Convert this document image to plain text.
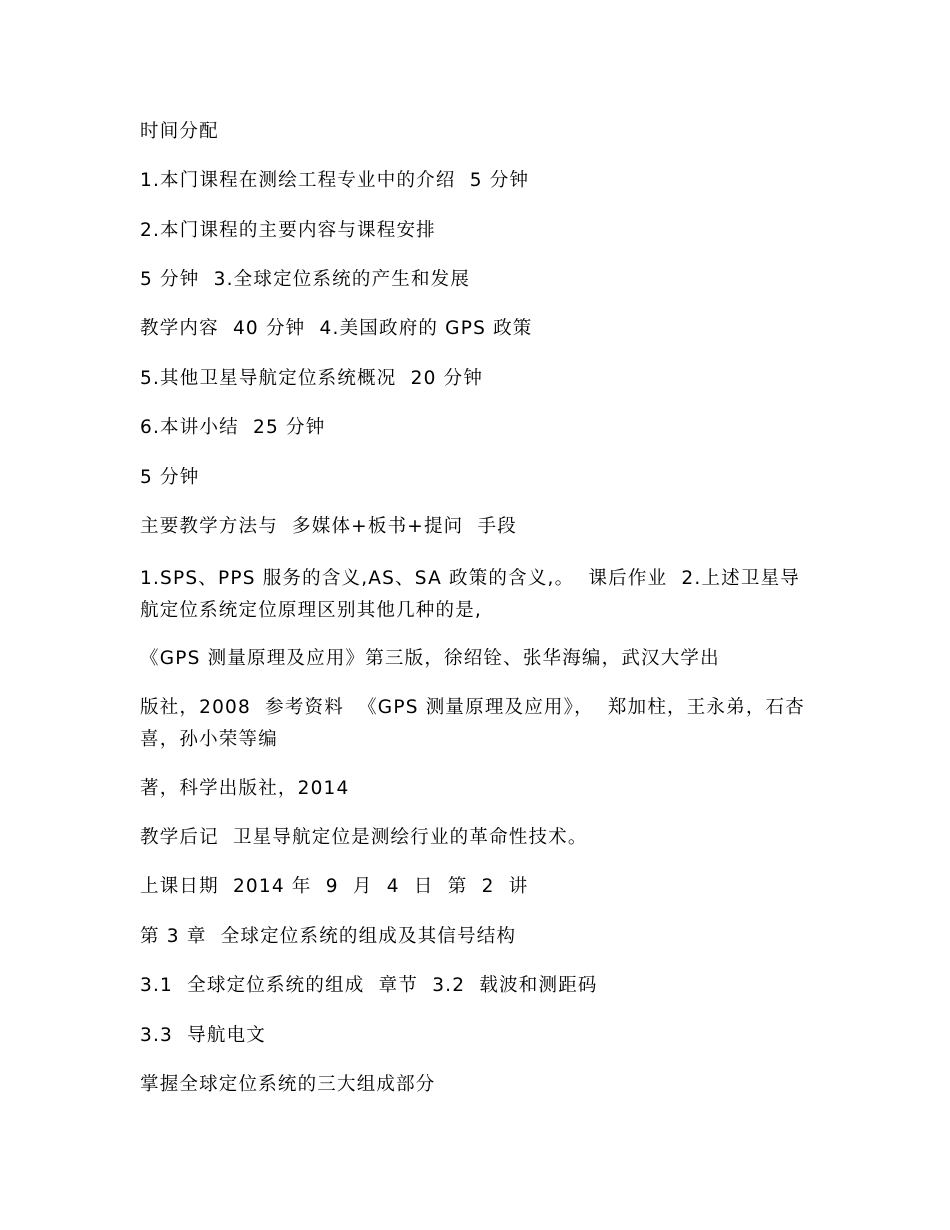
时间分配

1.本门课程在测绘工程专业中的介绍  5 分钟

2.本门课程的主要内容与课程安排

5 分钟  3.全球定位系统的产生和发展

教学内容  40 分钟  4.美国政府的 GPS 政策

5.其他卫星导航定位系统概况  20 分钟

6.本讲小结  25 分钟

5 分钟

主要教学方法与  多媒体+板书+提问  手段

1.SPS、PPS 服务的含义,AS、SA 政策的含义,。  课后作业  2.上述卫星导航定位系统定位原理区别其他几种的是,

《GPS 测量原理及应用》第三版，徐绍铨、张华海编，武汉大学出

版社，2008  参考资料  《GPS 测量原理及应用》，  郑加柱，王永弟，石杏喜，孙小荣等编

著，科学出版社，2014

教学后记  卫星导航定位是测绘行业的革命性技术。

上课日期  2014 年  9  月  4  日  第  2  讲

第 3 章  全球定位系统的组成及其信号结构

3.1  全球定位系统的组成  章节  3.2  载波和测距码

3.3  导航电文

掌握全球定位系统的三大组成部分
